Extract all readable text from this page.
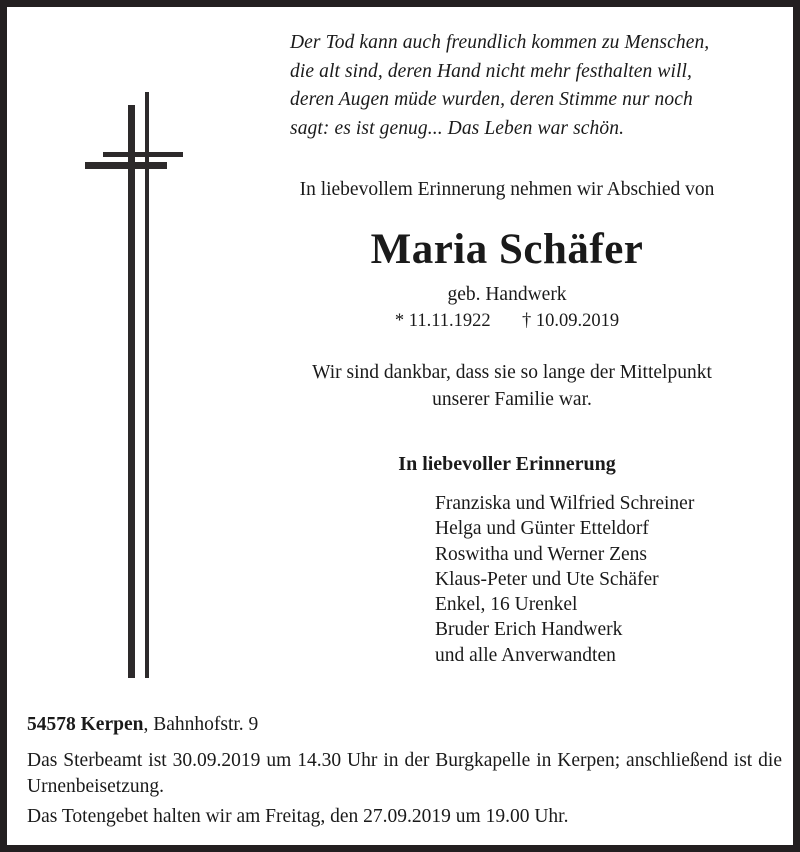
Der Tod kann auch freundlich kommen zu Menschen,
die alt sind, deren Hand nicht mehr festhalten will,
deren Augen müde wurden, deren Stimme nur noch
sagt: es ist genug... Das Leben war schön.
In liebevollem Erinnerung nehmen wir Abschied von
Maria Schäfer
geb. Handwerk
* 11.11.1922 † 10.09.2019
Wir sind dankbar, dass sie so lange der Mittelpunkt
unserer Familie war.
In liebevoller Erinnerung
Franziska und Wilfried Schreiner
Helga und Günter Etteldorf
Roswitha und Werner Zens
Klaus-Peter und Ute Schäfer
Enkel, 16 Urenkel
Bruder Erich Handwerk
und alle Anverwandten
54578 Kerpen, Bahnhofstr. 9
Das Sterbeamt ist 30.09.2019 um 14.30 Uhr in der Burgkapelle in Kerpen; anschließend ist die Urnenbeisetzung.
Das Totengebet halten wir am Freitag, den 27.09.2019 um 19.00 Uhr.
